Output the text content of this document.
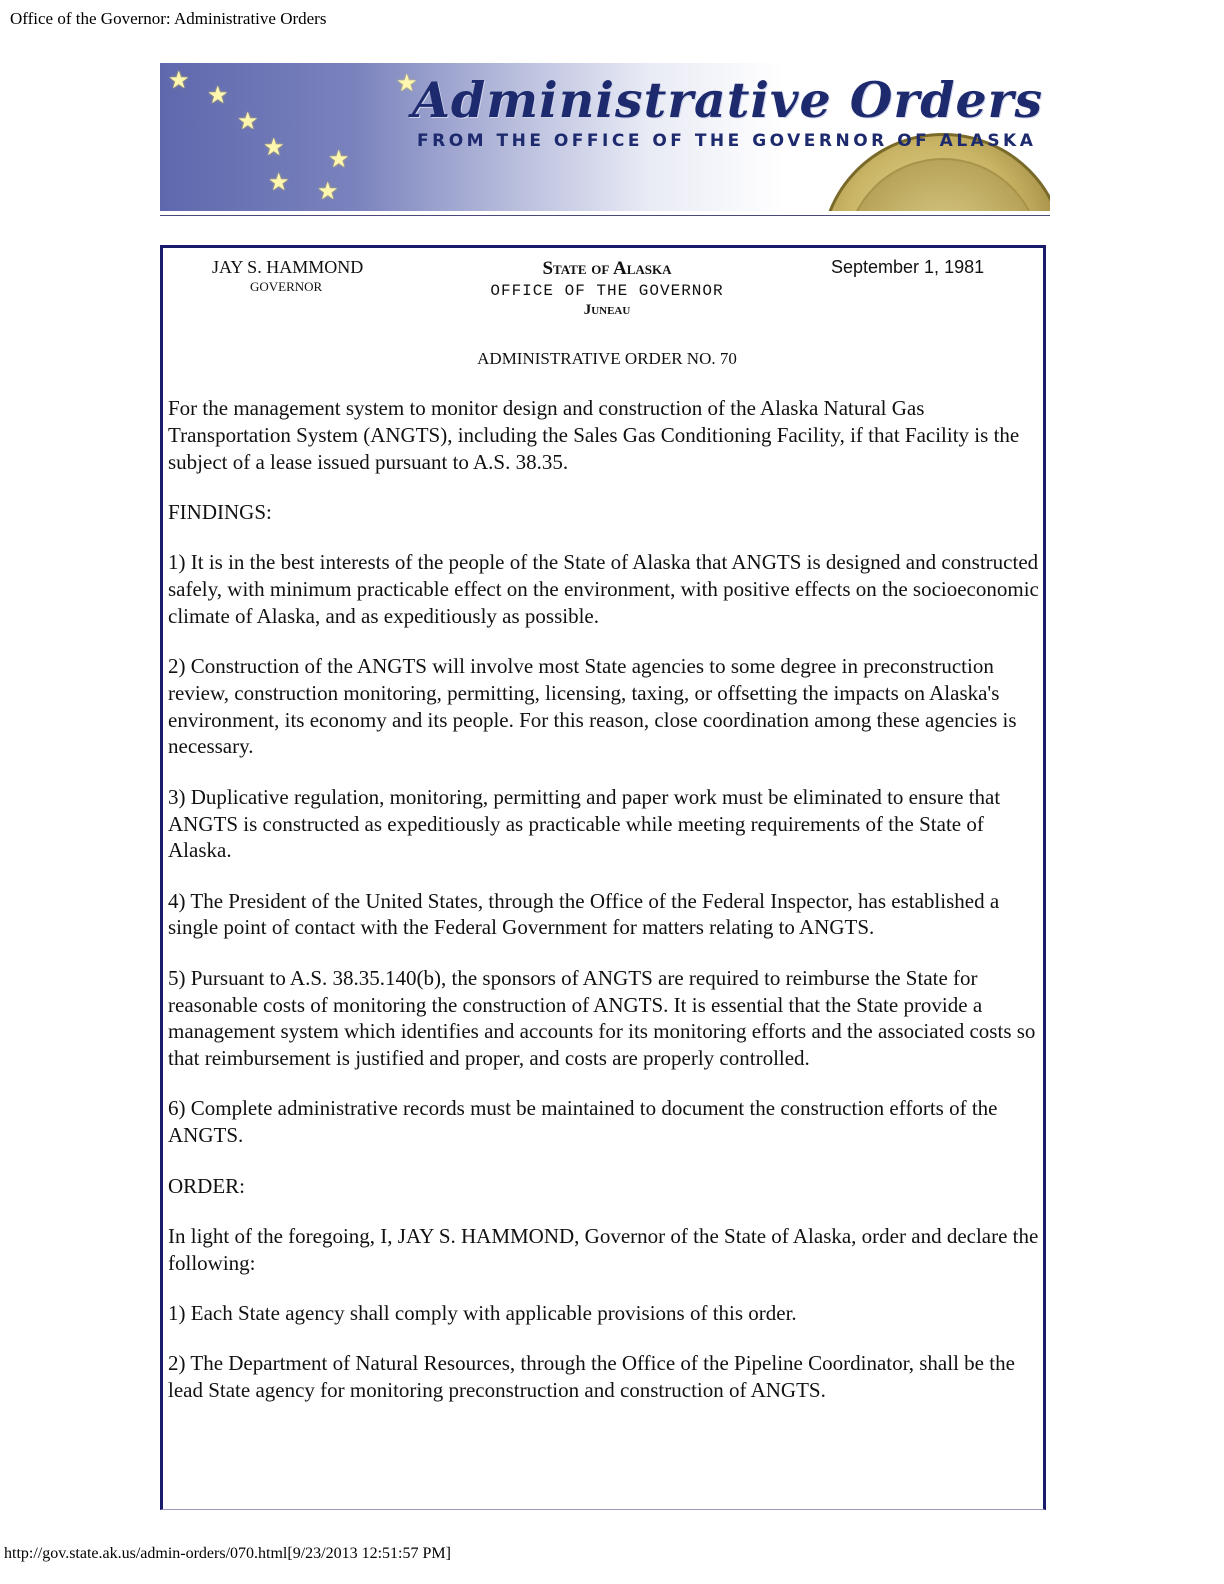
Office of the Governor: Administrative Orders
★
★
★
★ ★
★ ★
★
Administrative Orders
FROM THE OFFICE OF THE GOVERNOR OF ALASKA
JAY S. HAMMOND
GOVERNOR
State of Alaska
OFFICE OF THE GOVERNOR
Juneau
September 1, 1981
ADMINISTRATIVE ORDER NO. 70

For the management system to monitor design and construction of the Alaska Natural Gas Transportation System (ANGTS), including the Sales Gas Conditioning Facility, if that Facility is the subject of a lease issued pursuant to A.S. 38.35.

FINDINGS:

1) It is in the best interests of the people of the State of Alaska that ANGTS is designed and constructed safely, with minimum practicable effect on the environment, with positive effects on the socioeconomic climate of Alaska, and as expeditiously as possible.

2) Construction of the ANGTS will involve most State agencies to some degree in preconstruction review, construction monitoring, permitting, licensing, taxing, or offsetting the impacts on Alaska's environment, its economy and its people. For this reason, close coordination among these agencies is necessary.

3) Duplicative regulation, monitoring, permitting and paper work must be eliminated to ensure that ANGTS is constructed as expeditiously as practicable while meeting requirements of the State of Alaska.

4) The President of the United States, through the Office of the Federal Inspector, has established a single point of contact with the Federal Government for matters relating to ANGTS.

5) Pursuant to A.S. 38.35.140(b), the sponsors of ANGTS are required to reimburse the State for reasonable costs of monitoring the construction of ANGTS. It is essential that the State provide a management system which identifies and accounts for its monitoring efforts and the associated costs so that reimbursement is justified and proper, and costs are properly controlled.

6) Complete administrative records must be maintained to document the construction efforts of the ANGTS.

ORDER:

In light of the foregoing, I, JAY S. HAMMOND, Governor of the State of Alaska, order and declare the following:

1) Each State agency shall comply with applicable provisions of this order.

2) The Department of Natural Resources, through the Office of the Pipeline Coordinator, shall be the lead State agency for monitoring preconstruction and construction of ANGTS.

http://gov.state.ak.us/admin-orders/070.html[9/23/2013 12:51:57 PM]
